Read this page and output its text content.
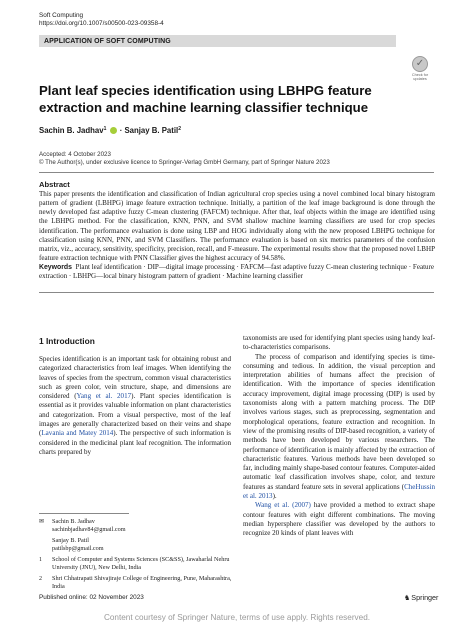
Soft Computing
https://doi.org/10.1007/s00500-023-09358-4
APPLICATION OF SOFT COMPUTING
✓
Check for
updates
Plant leaf species identification using LBHPG feature extraction and machine learning classifier technique
Sachin B. Jadhav$^1$  · Sanjay B. Patil$^2$
Accepted: 4 October 2023
© The Author(s), under exclusive licence to Springer-Verlag GmbH Germany, part of Springer Nature 2023
Abstract
This paper presents the identification and classification of Indian agricultural crop species using a novel combined local binary histogram pattern of gradient (LBHPG) image feature extraction technique. Initially, a partition of the leaf image background is done through the newly developed fast adaptive fuzzy C-mean clustering (FAFCM) technique. After that, leaf objects within the image are identified using the LBHPG method. For the classification, KNN, PNN, and SVM shallow machine learning classifiers are used for crop species identification. The performance evaluation is done using LBP and HOG individually along with the new proposed LBHPG technique for classification using KNN, PNN, and SVM Classifiers. The performance evaluation is based on six metrics parameters of the confusion matrix, viz., accuracy, sensitivity, specificity, precision, recall, and F-measure. The experimental results show that the proposed novel LBHP feature extraction technique with PNN Classifier gives the highest accuracy of 94.58%.
Keywords Plant leaf identification · DIP—digital image processing · FAFCM—fast adaptive fuzzy C-mean clustering technique · Feature extraction · LBHPG—local binary histogram pattern of gradient · Machine learning classifier
1 Introduction

Species identification is an important task for obtaining robust and categorized characteristics from leaf images. When identifying the leaves of species from the spectrum, common visual characteristics such as green color, vein structure, shape, and dimensions are considered (Yang et al. 2017). Plant species identification is essential as it provides valuable information on plant characteristics and categorization. From a visual perspective, most of the leaf images are generally characterized based on their veins and shape (Lavania and Matey 2014). The perspective of such information is considered in the medicinal plant leaf recognition. The information charts prepared by

taxonomists are used for identifying plant species using handy leaf-to-characteristics comparisons.

The process of comparison and identifying species is time-consuming and tedious. In addition, the visual perception and interpretation abilities of humans affect the precision of identification. With the importance of species identification accuracy improvement, digital image processing (DIP) is used by taxonomists along with a pattern matching process. The DIP involves various stages, such as preprocessing, segmentation and morphological operations, feature extraction and recognition. In view of the promising results of DIP-based recognition, a variety of methods have been developed by various researchers. The performance of identification is mainly affected by the extraction of characteristic features. Various methods have been developed so far, including mainly shape-based contour features. Computer-aided automatic leaf classification involves shape, color, and texture features as standard feature sets in several applications (CheHussin et al. 2013).

Wang et al. (2007) have provided a method to extract shape contour features with eight different combinations. The moving median hypersphere classifier was developed by the authors to recognize 20 kinds of plant leaves with

✉ Sachin B. Jadhav
sachinbjadhav84@gmail.com
Sanjay B. Patil
patilsbp@gmail.com
1 School of Computer and Systems Sciences (SC&SS), Jawaharlal Nehru University (JNU), New Delhi, India
2 Shri Chhatrapati Shivajiraje College of Engineering, Pune, Maharashtra, India
Published online: 02 November 2023	♞Springer
Content courtesy of Springer Nature, terms of use apply. Rights reserved.
